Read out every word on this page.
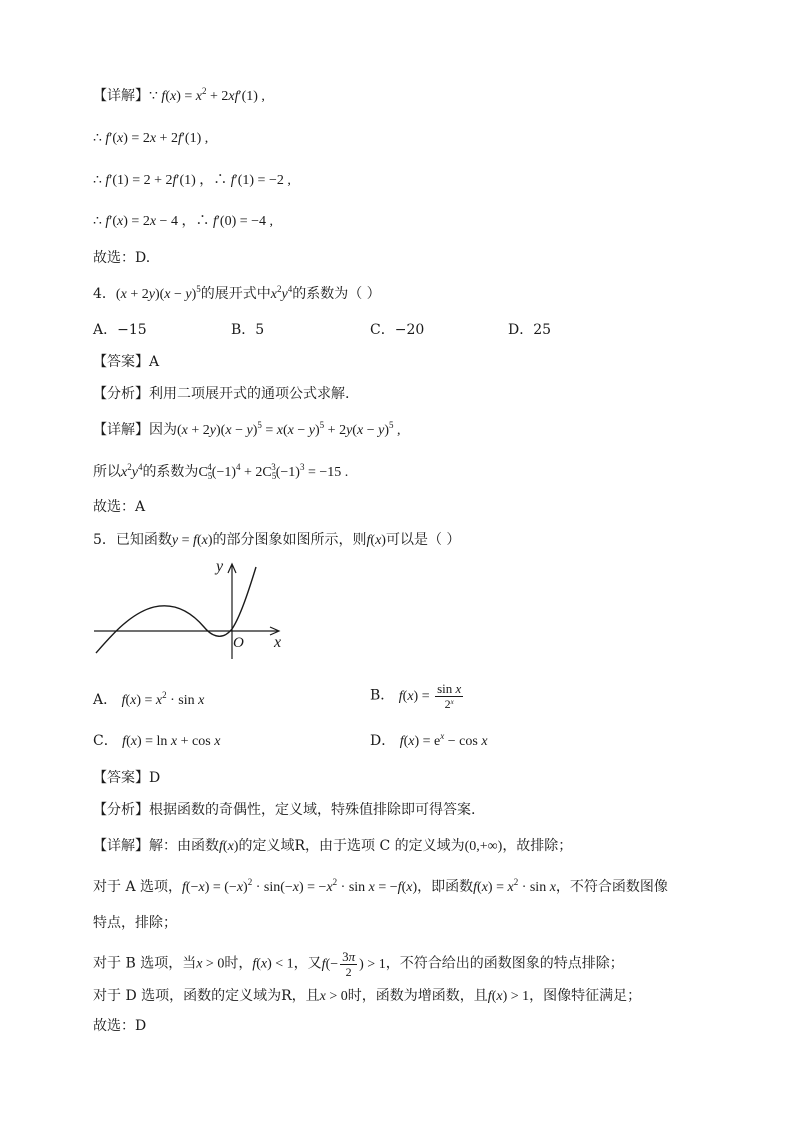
【详解】∵ $f(x) = x^2 + 2xf'(1)$ ,
∴ f′(x) = 2x + 2f′(1) ,
∴ f′(1) = 2 + 2f′(1) ，∴ f′(1) = −2 ,
∴ f′(x) = 2x − 4 ，∴ f′(0) = −4 ,
故选：D.
4．$(x + 2y)(x - y)^5$的展开式中$x^2y^4$的系数为（ ）
A．−15	B．5	C．−20	D．25
【答案】A
【分析】利用二项展开式的通项公式求解.
【详解】因为$(x + 2y)(x - y)^5 = x(x - y)^5 + 2y(x - y)^5$ ,
所以$x^2y^4$的系数为$C_5^4(-1)^4 + 2C_5^3(-1)^3 = -15$ .
故选：A
5．已知函数y = f(x)的部分图象如图所示，则f(x)可以是（ ）
y
x
O
A． $f(x) = x^2 \cdot \sin x$	B． $f(x) = \frac{\text{sin x}}{2^x}$
C． f(x) = ln x + cos x	D． $f(x) = e^x - \cos x$
【答案】D
【分析】根据函数的奇偶性，定义域，特殊值排除即可得答案.
【详解】解：由函数f(x)的定义域R，由于选项 C 的定义域为(0,+∞)，故排除；
对于 A 选项，$f(-x) = (-x)^2 \cdot \sin(-x) = -x^2 \cdot \sin x = -f(x)$，即函数$f(x) = x^2 \cdot \sin x$，不符合函数图像
特点，排除；
对于 B 选项，当x > 0时，f(x) < 1，又$f(- \frac{3\pi}{2}$ ) > 1，不符合给出的函数图象的特点排除；
对于 D 选项，函数的定义域为R，且x > 0时，函数为增函数，且f(x) > 1，图像特征满足；
故选：D
